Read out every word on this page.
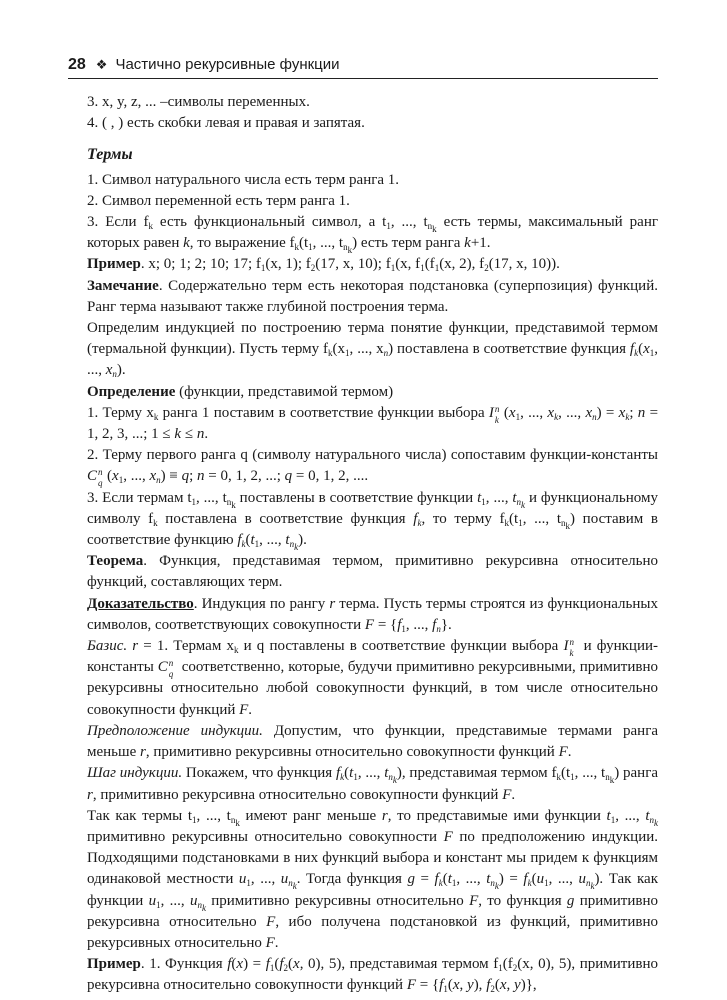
28 ❖ Частично рекурсивные функции

3. x, y, z, ... –символы переменных.

4. ( , ) есть скобки левая и правая и запятая.

Термы

1. Символ натурального числа есть терм ранга 1.

2. Символ переменной есть терм ранга 1.

3. Если $f_k$ есть функциональный символ, а $t_1$, ..., $t_{n_k}$ есть термы, максимальный ранг которых равен k, то выражение $f_k(t_1$, ..., $t_{n_k}$) есть терм ранга k+1.

Пример. x; 0; 1; 2; 10; 17; $f_1(x$, 1); $f_2(17$, x, 10); $f_1(x$, $f_1(f_1(x$, 2), $f_2(17$, x, 10)).

Замечание. Содержательно терм есть некоторая подстановка (суперпозиция) функций. Ранг терма называют также глубиной построения терма.

Определим индукцией по построению терма понятие функции, представимой термом (термальной функции). Пусть терму $f_k(x_1$, ..., $x_n$) поставлена в соответствие функция $f_k(x_1$, ..., $x_n$).

Определение (функции, представимой термом)

1. Терму $x_k$ ранга 1 поставим в соответствие функции выбора I n
k ($x_1$, ..., $x_k$, ..., $x_n) = x_k$; n = 1, 2, 3, ...; 1 ≤ k ≤ n.

2. Терму первого ранга q (символу натурального числа) сопоставим функции-константы C n
q ($x_1$, ..., $x_n) \equiv q$; n = 0, 1, 2, ...; q = 0, 1, 2, ....

3. Если термам $t_1$, ..., $t_{n_k}$ поставлены в соответствие функции $t_1$, ..., $t_{n_k}$ и функциональному символу $f_k$ поставлена в соответствие функция $f_k$, то терму $f_k(t_1$, ..., $t_{n_k}$) поставим в соответствие функцию $f_k(t_1$, ..., $t_{n_k}$).

Теорема. Функция, представимая термом, примитивно рекурсивна относительно функций, составляющих терм.

Доказательство. Индукция по рангу r терма. Пусть термы строятся из функциональных символов, соответствующих совокупности $F = \{f_1$, ..., $f_n$}.

Базис. r = 1. Термам $x_k$ и q поставлены в соответствие функции выбора I n
k и функции-константы C n
q соответственно, которые, будучи примитивно рекурсивными, примитивно рекурсивны относительно любой совокупности функций, в том числе относительно совокупности функций F.

Предположение индукции. Допустим, что функции, представимые термами ранга меньше r, примитивно рекурсивны относительно совокупности функций F.

Шаг индукции. Покажем, что функция $f_k(t_1$, ..., $t_{n_k}$), представимая термом $f_k(t_1$, ..., $t_{n_k}$) ранга r, примитивно рекурсивна относительно совокупности функций F.

Так как термы $t_1$, ..., $t_{n_k}$ имеют ранг меньше r, то представимые ими функции $t_1$, ..., $t_{n_k}$ примитивно рекурсивны относительно совокупности F по предположению индукции. Подходящими подстановками в них функций выбора и констант мы придем к функциям одинаковой местности $u_1$, ..., $u_{n_k}$. Тогда функция $g = f_k(t_1$, ..., $t_{n_k}) = f_k(u_1$, ..., $u_{n_k}$). Так как функции $u_1$, ..., $u_{n_k}$ примитивно рекурсивны относительно F, то функция g примитивно рекурсивна относительно F, ибо получена подстановкой из функций, примитивно рекурсивных относительно F.

Пример. 1. Функция $f(x) = f_1(f_2(x$, 0), 5), представимая термом $f_1(f_2(x$, 0), 5), примитивно рекурсивна относительно совокупности функций $F = \{f_1(x$, y), $f_2(x$, y)},
